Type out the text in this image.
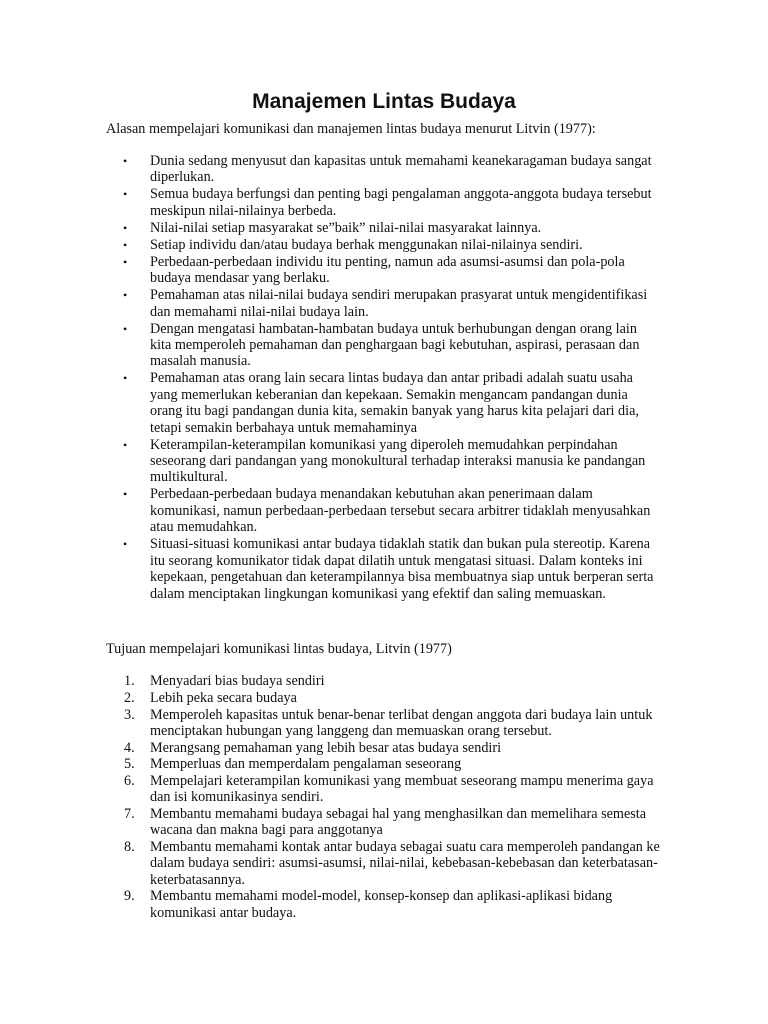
Manajemen Lintas Budaya

Alasan mempelajari komunikasi dan manajemen lintas budaya menurut Litvin (1977):

• Dunia sedang menyusut dan kapasitas untuk memahami keanekaragaman budaya sangat diperlukan.
• Semua budaya berfungsi dan penting bagi pengalaman anggota-anggota budaya tersebut meskipun nilai-nilainya berbeda.
• Nilai-nilai setiap masyarakat se”baik” nilai-nilai masyarakat lainnya.
• Setiap individu dan/atau budaya berhak menggunakan nilai-nilainya sendiri.
• Perbedaan-perbedaan individu itu penting, namun ada asumsi-asumsi dan pola-pola budaya mendasar yang berlaku.
• Pemahaman atas nilai-nilai budaya sendiri merupakan prasyarat untuk mengidentifikasi dan memahami nilai-nilai budaya lain.
• Dengan mengatasi hambatan-hambatan budaya untuk berhubungan dengan orang lain kita memperoleh pemahaman dan penghargaan bagi kebutuhan, aspirasi, perasaan dan masalah manusia.
• Pemahaman atas orang lain secara lintas budaya dan antar pribadi adalah suatu usaha yang memerlukan keberanian dan kepekaan. Semakin mengancam pandangan dunia orang itu bagi pandangan dunia kita, semakin banyak yang harus kita pelajari dari dia, tetapi semakin berbahaya untuk memahaminya
• Keterampilan-keterampilan komunikasi yang diperoleh memudahkan perpindahan seseorang dari pandangan yang monokultural terhadap interaksi manusia ke pandangan multikultural.
• Perbedaan-perbedaan budaya menandakan kebutuhan akan penerimaan dalam komunikasi, namun perbedaan-perbedaan tersebut secara arbitrer tidaklah menyusahkan atau memudahkan.
• Situasi-situasi komunikasi antar budaya tidaklah statik dan bukan pula stereotip. Karena itu seorang komunikator tidak dapat dilatih untuk mengatasi situasi. Dalam konteks ini kepekaan, pengetahuan dan keterampilannya bisa membuatnya siap untuk berperan serta dalam menciptakan lingkungan komunikasi yang efektif dan saling memuaskan.

Tujuan mempelajari komunikasi lintas budaya, Litvin (1977)

1.	Menyadari bias budaya sendiri
2.	Lebih peka secara budaya
3.	Memperoleh kapasitas untuk benar-benar terlibat dengan anggota dari budaya lain untuk menciptakan hubungan yang langgeng dan memuaskan orang tersebut.
4.	Merangsang pemahaman yang lebih besar atas budaya sendiri
5.	Memperluas dan memperdalam pengalaman seseorang
6.	Mempelajari keterampilan komunikasi yang membuat seseorang mampu menerima gaya dan isi komunikasinya sendiri.
7.	Membantu memahami budaya sebagai hal yang menghasilkan dan memelihara semesta wacana dan makna bagi para anggotanya
8.	Membantu memahami kontak antar budaya sebagai suatu cara memperoleh pandangan ke dalam budaya sendiri: asumsi-asumsi, nilai-nilai, kebebasan-kebebasan dan keterbatasan-keterbatasannya.
9.	Membantu memahami model-model, konsep-konsep dan aplikasi-aplikasi bidang komunikasi antar budaya.
